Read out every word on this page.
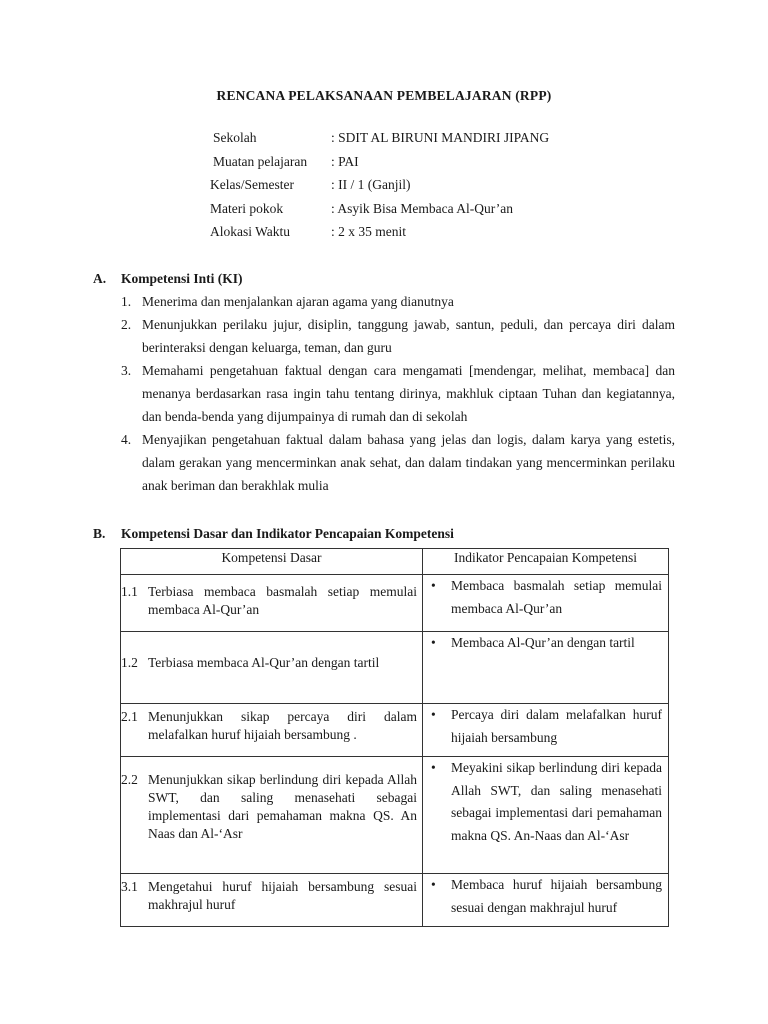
RENCANA PELAKSANAAN PEMBELAJARAN (RPP)
Sekolah	: SDIT AL BIRUNI MANDIRI JIPANG
Muatan pelajaran : PAI
Kelas/Semester	: II / 1 (Ganjil)
Materi pokok	: Asyik Bisa Membaca Al-Qur’an
Alokasi Waktu	: 2 x 35 menit
A. Kompetensi Inti (KI)
1. Menerima dan menjalankan ajaran agama yang dianutnya
2. Menunjukkan perilaku jujur, disiplin, tanggung jawab, santun, peduli, dan percaya diri dalam berinteraksi dengan keluarga, teman, dan guru
3. Memahami pengetahuan faktual dengan cara mengamati [mendengar, melihat, membaca] dan menanya berdasarkan rasa ingin tahu tentang dirinya, makhluk ciptaan Tuhan dan kegiatannya, dan benda-benda yang dijumpainya di rumah dan di sekolah
4. Menyajikan pengetahuan faktual dalam bahasa yang jelas dan logis, dalam karya yang estetis, dalam gerakan yang mencerminkan anak sehat, dan dalam tindakan yang mencerminkan perilaku anak beriman dan berakhlak mulia
B. Kompetensi Dasar dan Indikator Pencapaian Kompetensi
Kompetensi Dasar	Indikator Pencapaian Kompetensi

1.1 Terbiasa membaca basmalah setiap memulai membaca Al-Qur’an	• Membaca basmalah setiap memulai membaca Al-Qur’an

1.2 Terbiasa membaca Al-Qur’an dengan tartil	• Membaca Al-Qur’an dengan tartil

2.1 Menunjukkan sikap percaya diri dalam melafalkan huruf hijaiah bersambung .	• Percaya diri dalam melafalkan huruf hijaiah bersambung

2.2 Menunjukkan sikap berlindung diri kepada Allah SWT, dan saling menasehati sebagai implementasi dari pemahaman makna QS. An Naas dan Al-‘Asr	• Meyakini sikap berlindung diri kepada Allah SWT, dan saling menasehati sebagai implementasi dari pemahaman makna QS. An-Naas dan Al-‘Asr

3.1 Mengetahui huruf hijaiah bersambung sesuai makhrajul huruf	• Membaca huruf hijaiah bersambung sesuai dengan makhrajul huruf
